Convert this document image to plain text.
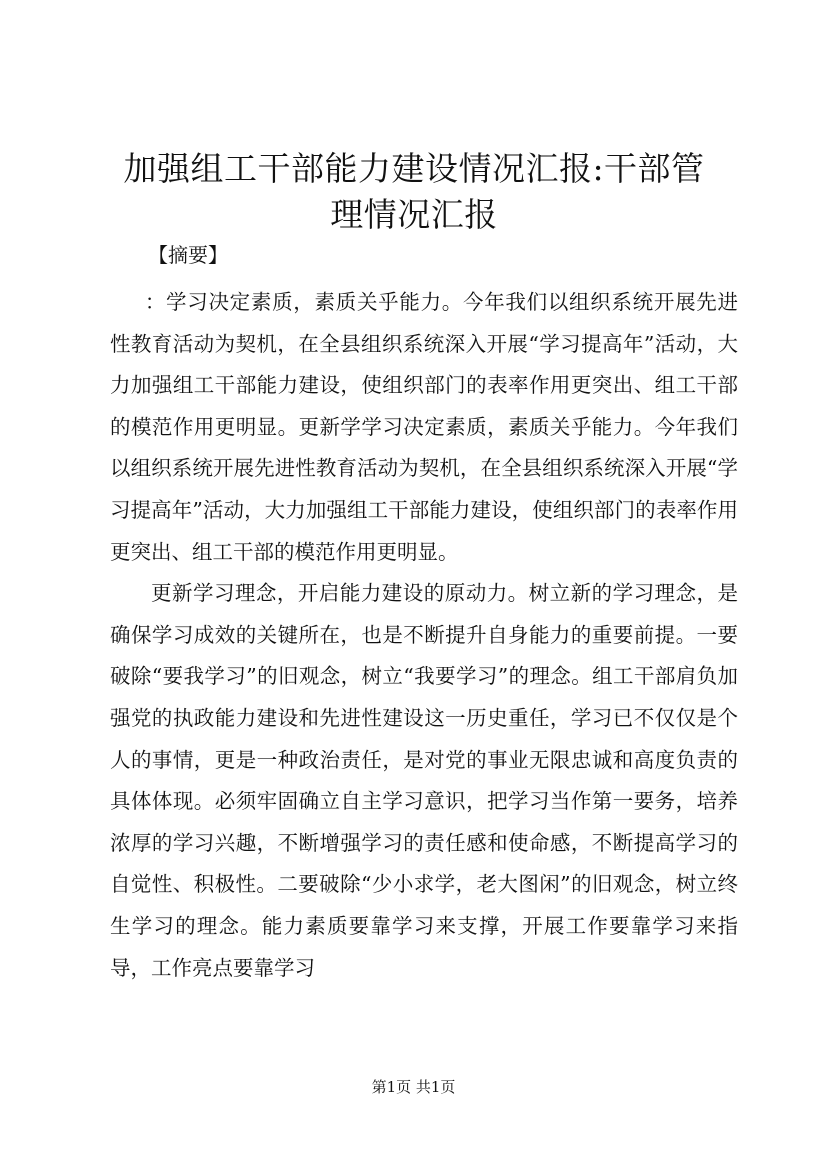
加强组工干部能力建设情况汇报:干部管理情况汇报
【摘要】

：学习决定素质，素质关乎能力。今年我们以组织系统开展先进性教育活动为契机，在全县组织系统深入开展“学习提高年”活动，大力加强组工干部能力建设，使组织部门的表率作用更突出、组工干部的模范作用更明显。更新学学习决定素质，素质关乎能力。今年我们以组织系统开展先进性教育活动为契机，在全县组织系统深入开展“学习提高年”活动，大力加强组工干部能力建设，使组织部门的表率作用更突出、组工干部的模范作用更明显。

更新学习理念，开启能力建设的原动力。树立新的学习理念，是确保学习成效的关键所在，也是不断提升自身能力的重要前提。一要破除“要我学习”的旧观念，树立“我要学习”的理念。组工干部肩负加强党的执政能力建设和先进性建设这一历史重任，学习已不仅仅是个人的事情，更是一种政治责任，是对党的事业无限忠诚和高度负责的具体体现。必须牢固确立自主学习意识，把学习当作第一要务，培养浓厚的学习兴趣，不断增强学习的责任感和使命感，不断提高学习的自觉性、积极性。二要破除“少小求学，老大图闲”的旧观念，树立终生学习的理念。能力素质要靠学习来支撑，开展工作要靠学习来指导，工作亮点要靠学习

第1页 共1页
